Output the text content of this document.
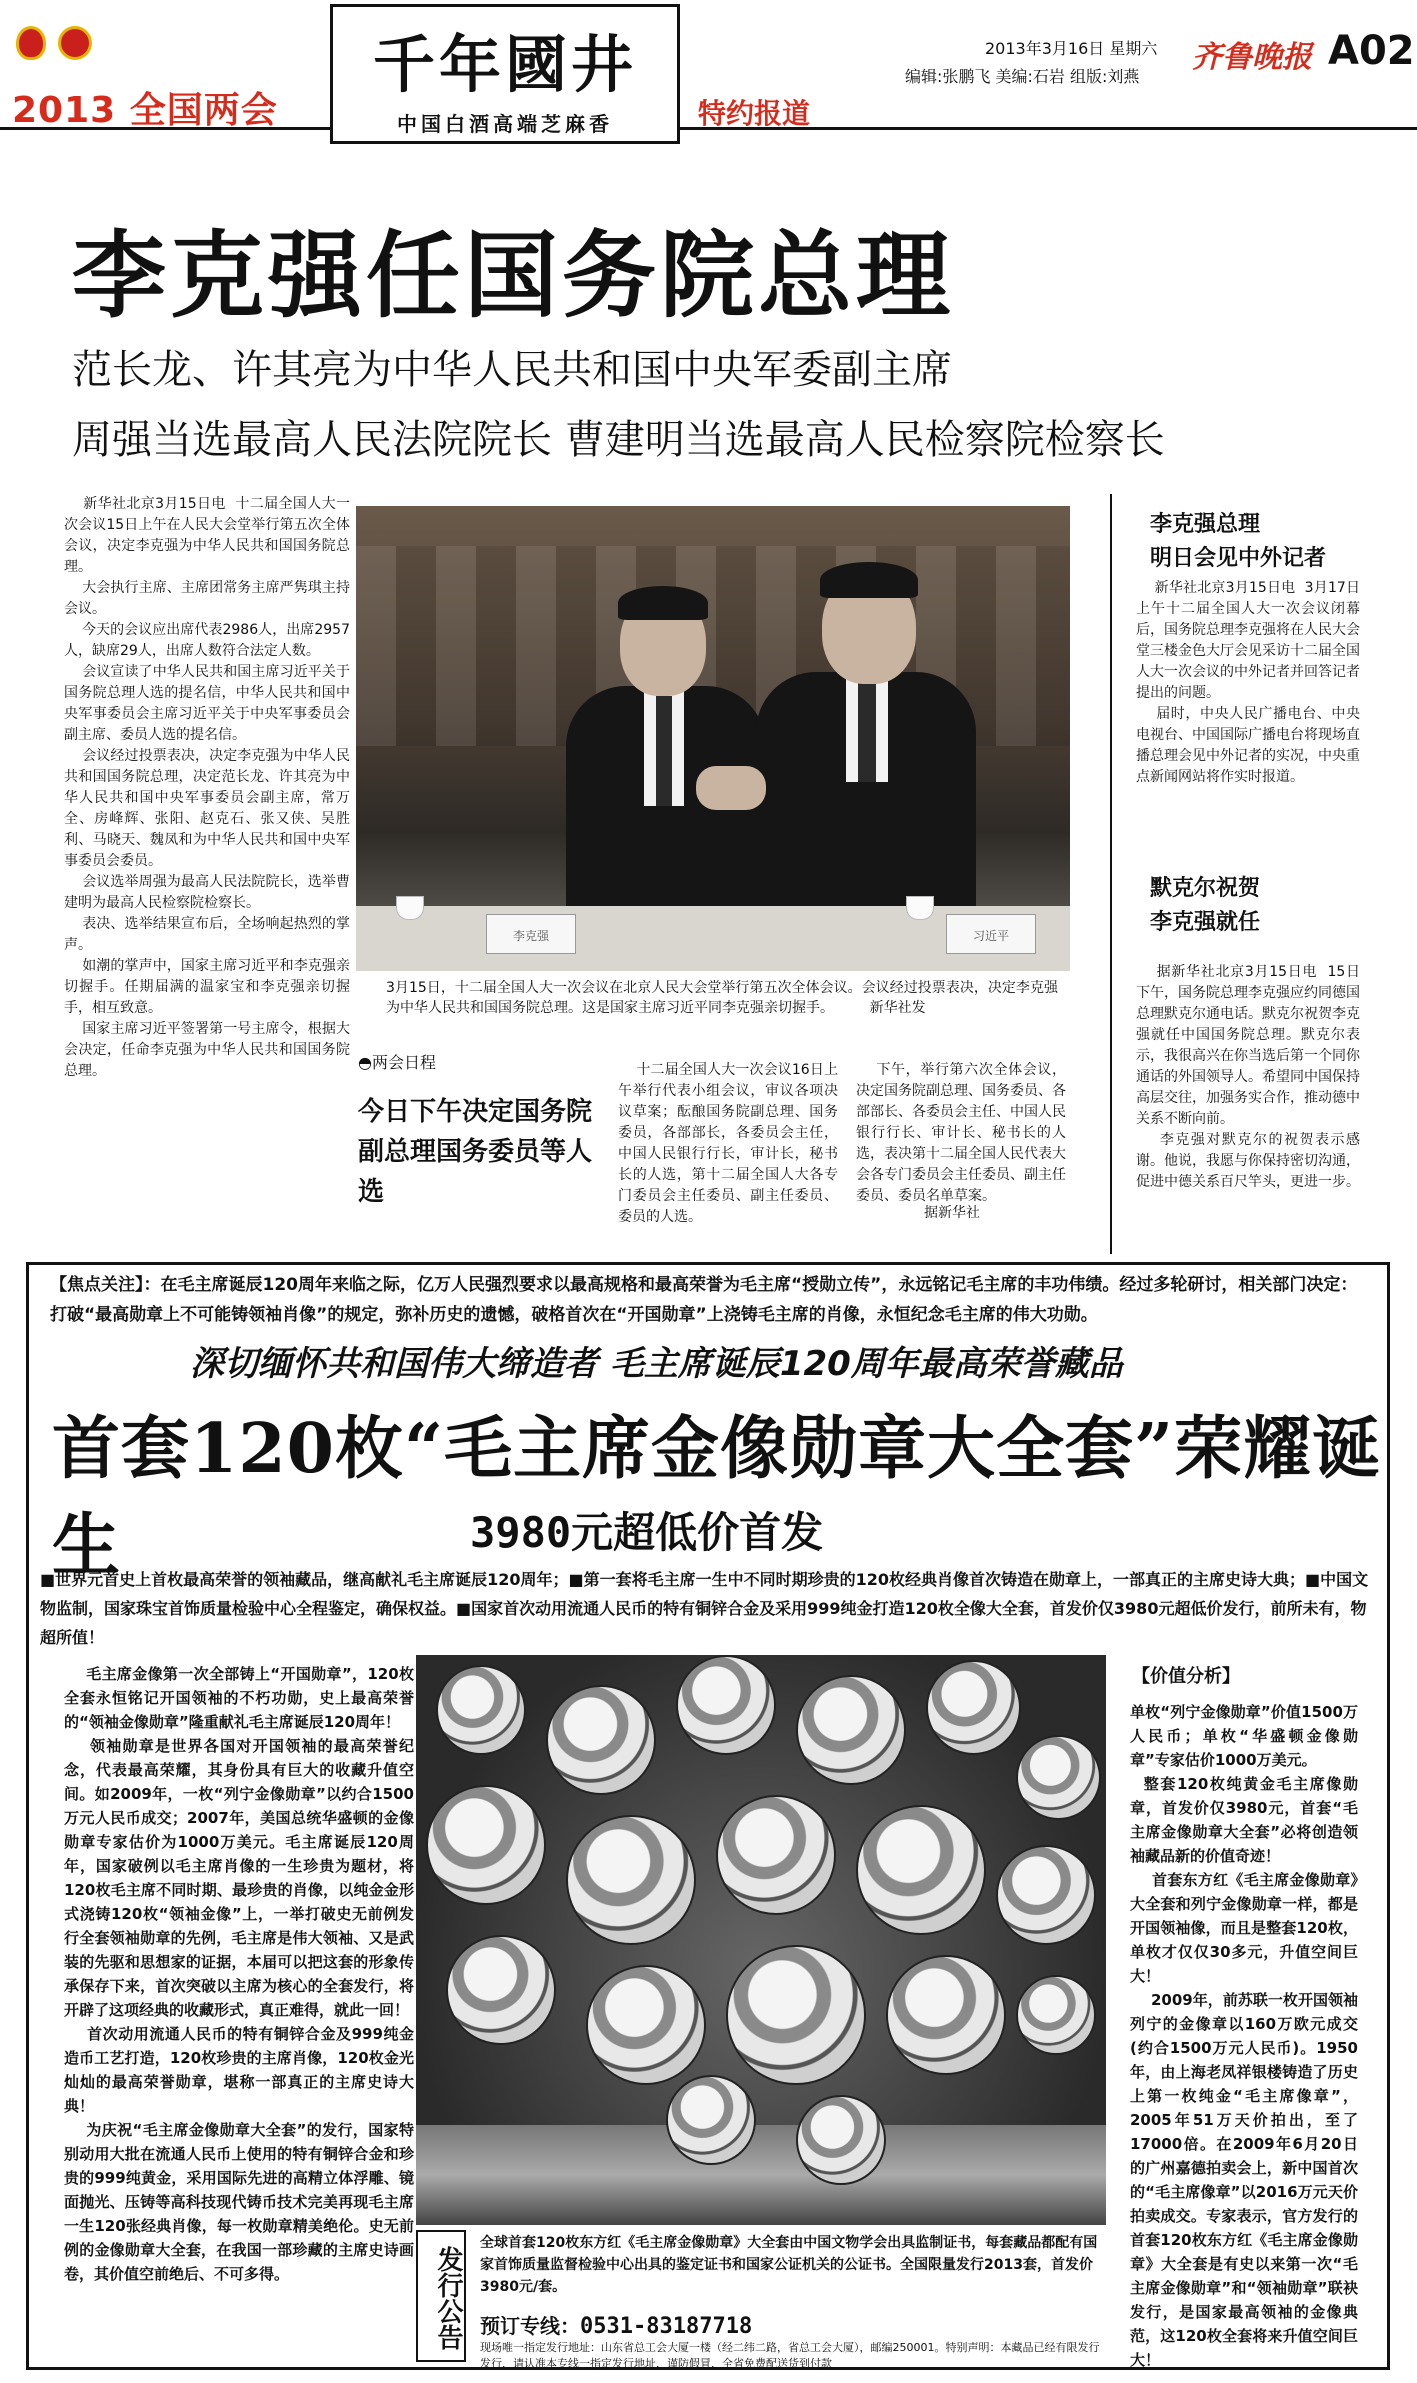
2013 全国两会
千年國井
中国白酒高端芝麻香	特约报道
2013年3月16日 星期六
编辑:张鹏飞 美编:石岩 组版:刘燕
齐鲁晚报 A02
李克强任国务院总理
范长龙、许其亮为中华人民共和国中央军委副主席
周强当选最高人民法院院长 曹建明当选最高人民检察院检察长
新华社北京3月15日电  十二届全国人大一次会议15日上午在人民大会堂举行第五次全体会议，决定李克强为中华人民共和国国务院总理。
大会执行主席、主席团常务主席严隽琪主持会议。
今天的会议应出席代表2986人，出席2957人，缺席29人，出席人数符合法定人数。
会议宣读了中华人民共和国主席习近平关于国务院总理人选的提名信，中华人民共和国中央军事委员会主席习近平关于中央军事委员会副主席、委员人选的提名信。
会议经过投票表决，决定李克强为中华人民共和国国务院总理，决定范长龙、许其亮为中华人民共和国中央军事委员会副主席，常万全、房峰辉、张阳、赵克石、张又侠、吴胜利、马晓天、魏凤和为中华人民共和国中央军事委员会委员。
会议选举周强为最高人民法院院长，选举曹建明为最高人民检察院检察长。
表决、选举结果宣布后，全场响起热烈的掌声。
如潮的掌声中，国家主席习近平和李克强亲切握手。任期届满的温家宝和李克强亲切握手，相互致意。
国家主席习近平签署第一号主席令，根据大会决定，任命李克强为中华人民共和国国务院总理。
李克强	习近平
3月15日，十二届全国人大一次会议在北京人民大会堂举行第五次全体会议。会议经过投票表决，决定李克强为中华人民共和国国务院总理。这是国家主席习近平同李克强亲切握手。        新华社发
◓两会日程
今日下午决定国务院副总理国务委员等人选
十二届全国人大一次会议16日上午举行代表小组会议，审议各项决议草案；酝酿国务院副总理、国务委员，各部部长，各委员会主任，中国人民银行行长，审计长，秘书长的人选，第十二届全国人大各专门委员会主任委员、副主任委员、委员的人选。
下午，举行第六次全体会议，决定国务院副总理、国务委员、各部部长、各委员会主任、中国人民银行行长、审计长、秘书长的人选，表决第十二届全国人民代表大会各专门委员会主任委员、副主任委员、委员名单草案。
据新华社
李克强总理
明日会见中外记者
新华社北京3月15日电  3月17日上午十二届全国人大一次会议闭幕后，国务院总理李克强将在人民大会堂三楼金色大厅会见采访十二届全国人大一次会议的中外记者并回答记者提出的问题。
届时，中央人民广播电台、中央电视台、中国国际广播电台将现场直播总理会见中外记者的实况，中央重点新闻网站将作实时报道。
默克尔祝贺
李克强就任
据新华社北京3月15日电  15日下午，国务院总理李克强应约同德国总理默克尔通电话。默克尔祝贺李克强就任中国国务院总理。默克尔表示，我很高兴在你当选后第一个同你通话的外国领导人。希望同中国保持高层交往，加强务实合作，推动德中关系不断向前。
李克强对默克尔的祝贺表示感谢。他说，我愿与你保持密切沟通，促进中德关系百尺竿头，更进一步。
【焦点关注】：在毛主席诞辰120周年来临之际，亿万人民强烈要求以最高规格和最高荣誉为毛主席“授勋立传”，永远铭记毛主席的丰功伟绩。经过多轮研讨，相关部门决定：打破“最高勋章上不可能铸领袖肖像”的规定，弥补历史的遗憾，破格首次在“开国勋章”上浇铸毛主席的肖像，永恒纪念毛主席的伟大功勋。
深切缅怀共和国伟大缔造者 毛主席诞辰120周年最高荣誉藏品
首套120枚“毛主席金像勋章大全套”荣耀诞生	3980元超低价首发
■世界元首史上首枚最高荣誉的领袖藏品，继高献礼毛主席诞辰120周年；■第一套将毛主席一生中不同时期珍贵的120枚经典肖像首次铸造在勋章上，一部真正的主席史诗大典；■中国文物监制，国家珠宝首饰质量检验中心全程鉴定，确保权益。■国家首次动用流通人民币的特有铜锌合金及采用999纯金打造120枚全像大全套，首发价仅3980元超低价发行，前所未有，物超所值！
毛主席金像第一次全部铸上“开国勋章”，120枚全套永恒铭记开国领袖的不朽功勋，史上最高荣誉的“领袖金像勋章”隆重献礼毛主席诞辰120周年！
领袖勋章是世界各国对开国领袖的最高荣誉纪念，代表最高荣耀，其身份具有巨大的收藏升值空间。如2009年，一枚“列宁金像勋章”以约合1500万元人民币成交；2007年，美国总统华盛顿的金像勋章专家估价为1000万美元。毛主席诞辰120周年，国家破例以毛主席肖像的一生珍贵为题材，将120枚毛主席不同时期、最珍贵的肖像，以纯金金形式浇铸120枚“领袖金像”上，一举打破史无前例发行全套领袖勋章的先例，毛主席是伟大领袖、又是武装的先驱和思想家的证据，本届可以把这套的形象传承保存下来，首次突破以主席为核心的全套发行，将开辟了这项经典的收藏形式，真正难得，就此一回！
首次动用流通人民币的特有铜锌合金及999纯金造币工艺打造，120枚珍贵的主席肖像，120枚金光灿灿的最高荣誉勋章，堪称一部真正的主席史诗大典！
为庆祝“毛主席金像勋章大全套”的发行，国家特别动用大批在流通人民币上使用的特有铜锌合金和珍贵的999纯黄金，采用国际先进的高精立体浮雕、镜面抛光、压铸等高科技现代铸币技术完美再现毛主席一生120张经典肖像，每一枚勋章精美绝伦。史无前例的金像勋章大全套，在我国一部珍藏的主席史诗画卷，其价值空前绝后、不可多得。	发行公告
全球首套120枚东方红《毛主席金像勋章》大全套由中国文物学会出具监制证书，每套藏品都配有国家首饰质量监督检验中心出具的鉴定证书和国家公证机关的公证书。全国限量发行2013套，首发价3980元/套。
预订专线：0531-83187718
现场唯一指定发行地址：山东省总工会大厦一楼（经二纬二路，省总工会大厦），邮编250001。特别声明：本藏品已经有限发行发行，请认准本专线一指定发行地址，谨防假冒，全省免费配送货到付款
【价值分析】
单枚“列宁金像勋章”价值1500万人民币；单枚“华盛顿金像勋章”专家估价1000万美元。
整套120枚纯黄金毛主席像勋章，首发价仅3980元，首套“毛主席金像勋章大全套”必将创造领袖藏品新的价值奇迹！
首套东方红《毛主席金像勋章》大全套和列宁金像勋章一样，都是开国领袖像，而且是整套120枚，单枚才仅仅30多元，升值空间巨大！
2009年，前苏联一枚开国领袖列宁的金像章以160万欧元成交(约合1500万元人民币)。1950年，由上海老凤祥银楼铸造了历史上第一枚纯金“毛主席像章”，2005年51万天价拍出，至了17000倍。在2009年6月20日的广州嘉德拍卖会上，新中国首次的“毛主席像章”以2016万元天价拍卖成交。专家表示，官方发行的首套120枚东方红《毛主席金像勋章》大全套是有史以来第一次“毛主席金像勋章”和“领袖勋章”联袂发行，是国家最高领袖的金像典范，这120枚全套将来升值空间巨大！
